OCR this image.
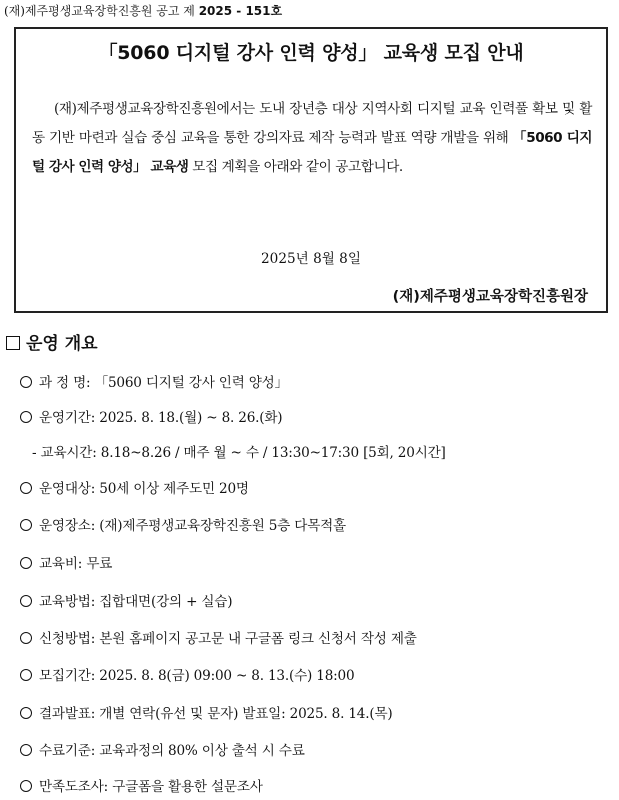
(재)제주평생교육장학진흥원 공고 제 2025 - 151호
「5060 디지털 강사 인력 양성」 교육생 모집 안내
(재)제주평생교육장학진흥원에서는 도내 장년층 대상 지역사회 디지털 교육 인력풀 확보 및 활동 기반 마련과 실습 중심 교육을 통한 강의자료 제작 능력과 발표 역량 개발을 위해 「5060 디지털 강사 인력 양성」 교육생 모집 계획을 아래와 같이 공고합니다.
2025년 8월 8일
(재)제주평생교육장학진흥원장
운영 개요
과 정 명: 「5060 디지털 강사 인력 양성」
운영기간: 2025. 8. 18.(월) ~ 8. 26.(화)
- 교육시간: 8.18~8.26 / 매주 월 ~ 수 / 13:30~17:30 [5회, 20시간]
운영대상: 50세 이상 제주도민 20명
운영장소: (재)제주평생교육장학진흥원 5층 다목적홀
교육비: 무료
교육방법: 집합대면(강의 + 실습)
신청방법: 본원 홈페이지 공고문 내 구글폼 링크 신청서 작성 제출
모집기간: 2025. 8. 8(금) 09:00 ~ 8. 13.(수) 18:00
결과발표: 개별 연락(유선 및 문자) 발표일: 2025. 8. 14.(목)
수료기준: 교육과정의 80% 이상 출석 시 수료
만족도조사: 구글폼을 활용한 설문조사
